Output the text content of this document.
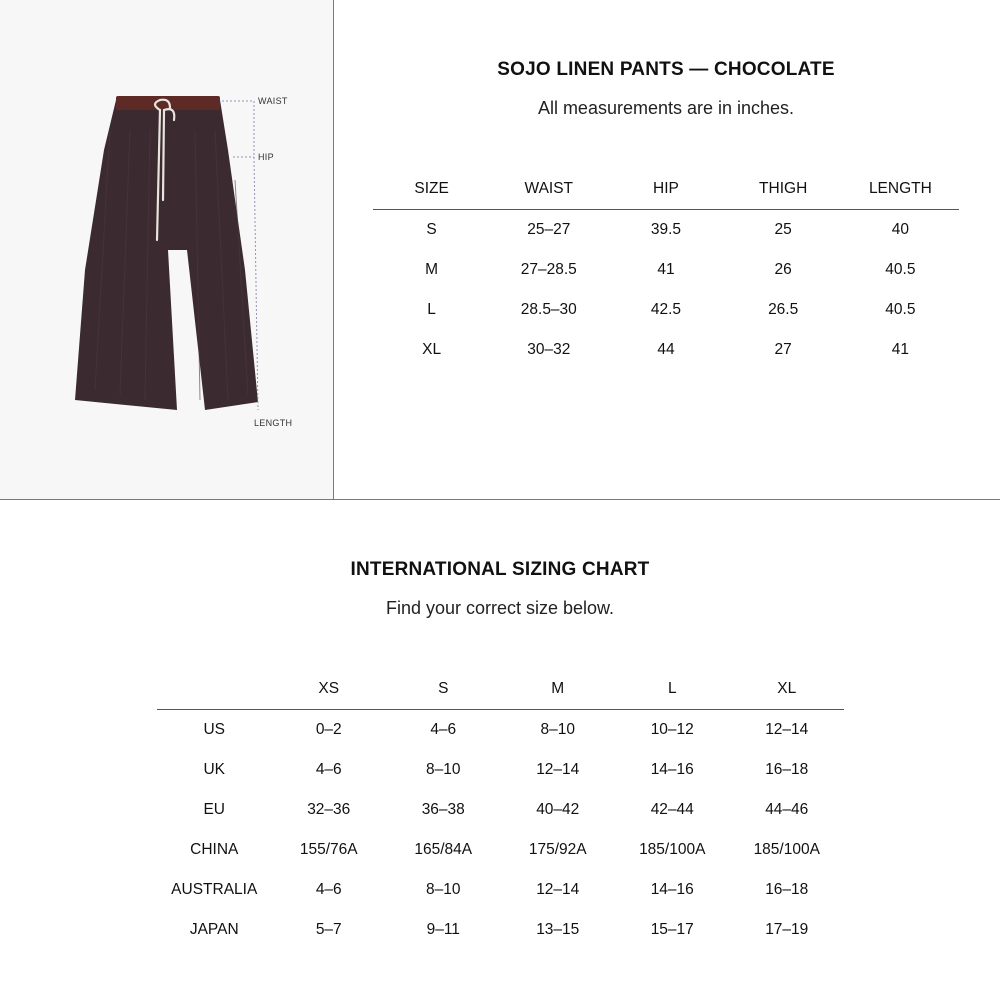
WAIST
HIP
LENGTH
SOJO LINEN PANTS — CHOCOLATE
All measurements are in inches.
SIZE	WAIST	HIP	THIGH	LENGTH
S	25–27	39.5	25	40
M	27–28.5	41	26	40.5
L	28.5–30	42.5	26.5	40.5
XL	30–32	44	27	41
INTERNATIONAL SIZING CHART
Find your correct size below.
	XS	S	M	L	XL
US	0–2	4–6	8–10	10–12	12–14
UK	4–6	8–10	12–14	14–16	16–18
EU	32–36	36–38	40–42	42–44	44–46
CHINA	155/76A	165/84A	175/92A	185/100A	185/100A
AUSTRALIA	4–6	8–10	12–14	14–16	16–18
JAPAN	5–7	9–11	13–15	15–17	17–19
